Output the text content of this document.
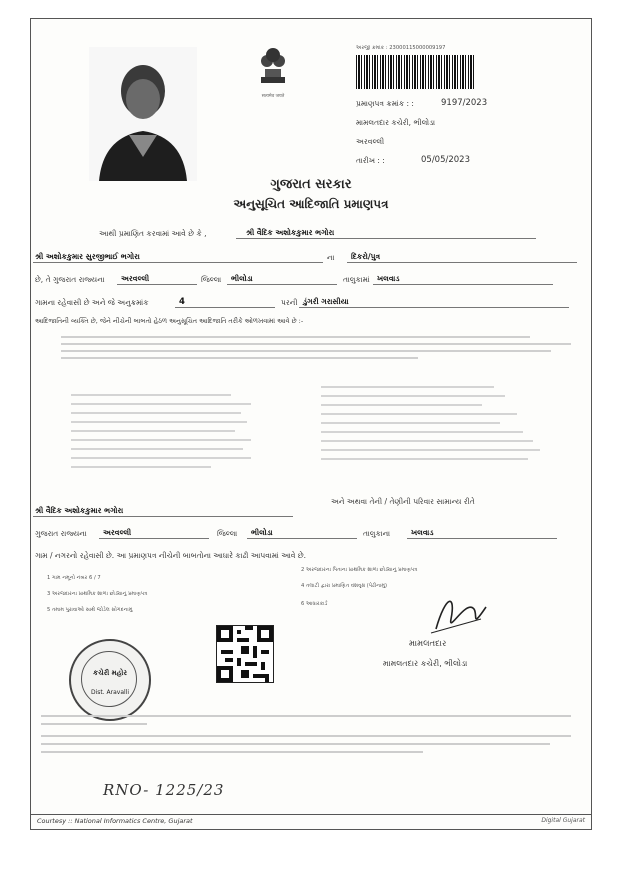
सत्यमेव जयते
અરજી ક્રમાંક : 23000115000009197
પ્રમાણપત્ર ક્રમાંક : :	9197/2023
મામલતદાર કચેરી, ભીલોડા
અરવલ્લી
તારીખ : :	05/05/2023
ગુજરાત સરકાર
અનુસૂચિત આદિજાતિ પ્રમાણપત્ર
આથી પ્રમાણિત કરવામાં આવે છે કે ,	શ્રી વૈદિક અશોકકુમાર ભગોરા
શ્રી અશોકકુમાર સુરજીભાઈ ભગોરા	ના દિકરો/પુત્ર
છે, તે ગુજરાત રાજ્યના અરવલ્લી	જિલ્લા ભીલોડા	તાલુકામાં ખલવાડ
ગામના રહેવાસી છે અને જે અનુક્રમાંક	4	પરની ડુંગરી ગરાસીયા
આદિજાતિની વ્યક્તિ છે, જેને નીચેની બાબતો હેઠળ અનુસૂચિત આદિજાતિ તરીકે ઓળખવામાં આવે છે :-
શ્રી વૈદિક અશોકકુમાર ભગોરા
અને અથવા તેની / તેણીની પરિવાર સામાન્ય રીતે
ગુજરાત રાજ્યના અરવલ્લી	જિલ્લા ભીલોડા	તાલુકાના	ખલવાડ
ગામ / નગરનો રહેવાસી છે. આ પ્રમાણપત્ર નીચેની બાબતોના આધારે કાઢી આપવામાં આવે છે.
1 ગામ નમૂનો નંબર 6 / 7
2 અરજદારના પિતાના પ્રાથમિક શાળા છોડ્યાનું પ્રમાણપત્ર
3 અરજદારના પ્રાથમિક શાળા છોડ્યાનું પ્રમાણપત્ર
4 તલાટી દ્વારા પ્રમાણિત વંશવૃક્ષ (પેઢીનામું)
5 તમામ પુરાવાઓ સાથે જોડેલ સોગંદનામું
6 આધારકાર્ડ
કચેરી મહોર
Dist. Aravalli
મામલતદાર
મામલતદાર કચેરી, ભીલોડા
RNO- 1225/23
Courtesy :: National Informatics Centre, Gujarat	Digital Gujarat
